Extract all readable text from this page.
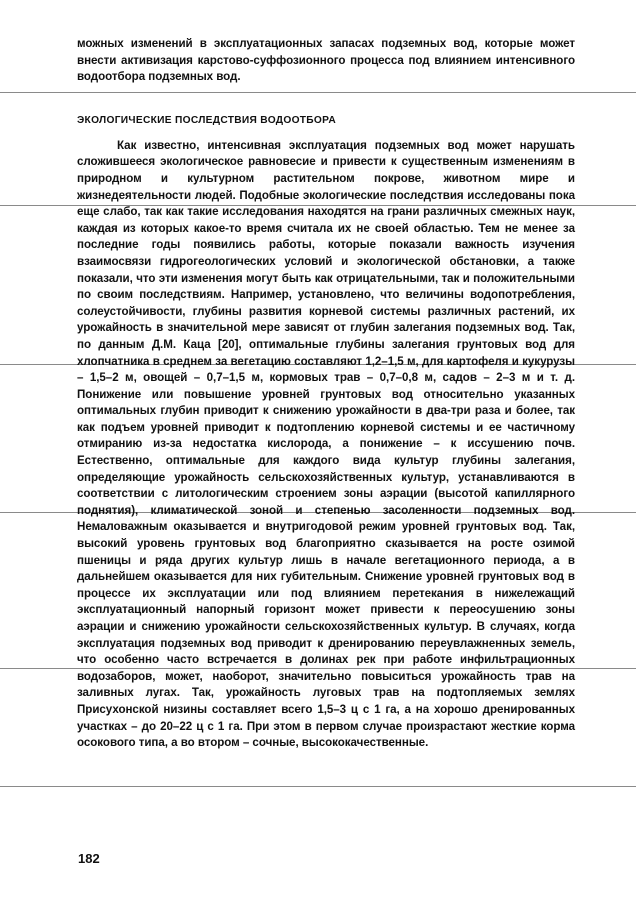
можных изменений в эксплуатационных запасах подземных вод, которые может внести активизация карстово-суффозионного процесса под влиянием интенсивного водоотбора подземных вод.

ЭКОЛОГИЧЕСКИЕ ПОСЛЕДСТВИЯ ВОДООТБОРА

Как известно, интенсивная эксплуатация подземных вод может нарушать сложившееся экологическое равновесие и привести к существенным изменениям в природном и культурном растительном покрове, животном мире и жизнедеятельности людей. Подобные экологические последствия исследованы пока еще слабо, так как такие исследования находятся на грани различных смежных наук, каждая из которых какое-то время считала их не своей областью. Тем не менее за последние годы появились работы, которые показали важность изучения взаимосвязи гидрогеологических условий и экологической обстановки, а также показали, что эти изменения могут быть как отрицательными, так и положительными по своим последствиям. Например, установлено, что величины водопотребления, солеустойчивости, глубины развития корневой системы различных растений, их урожайность в значительной мере зависят от глубин залегания подземных вод. Так, по данным Д.М. Каца [20], оптимальные глубины залегания грунтовых вод для хлопчатника в среднем за вегетацию составляют 1,2–1,5 м, для картофеля и кукурузы – 1,5–2 м, овощей – 0,7–1,5 м, кормовых трав – 0,7–0,8 м, садов – 2–3 м и т. д. Понижение или повышение уровней грунтовых вод относительно указанных оптимальных глубин приводит к снижению урожайности в два-три раза и более, так как подъем уровней приводит к подтоплению корневой системы и ее частичному отмиранию из-за недостатка кислорода, а понижение – к иссушению почв. Естественно, оптимальные для каждого вида культур глубины залегания, определяющие урожайность сельскохозяйственных культур, устанавливаются в соответствии с литологическим строением зоны аэрации (высотой капиллярного поднятия), климатической зоной и степенью засоленности подземных вод. Немаловажным оказывается и внутригодовой режим уровней грунтовых вод. Так, высокий уровень грунтовых вод благоприятно сказывается на росте озимой пшеницы и ряда других культур лишь в начале вегетационного периода, а в дальнейшем оказывается для них губительным. Снижение уровней грунтовых вод в процессе их эксплуатации или под влиянием перетекания в нижележащий эксплуатационный напорный горизонт может привести к переосушению зоны аэрации и снижению урожайности сельскохозяйственных культур. В случаях, когда эксплуатация подземных вод приводит к дренированию переувлажненных земель, что особенно часто встречается в долинах рек при работе инфильтрационных водозаборов, может, наоборот, значительно повыситься урожайность трав на заливных лугах. Так, урожайность луговых трав на подтопляемых землях Присухонской низины составляет всего 1,5–3 ц с 1 га, а на хорошо дренированных участках – до 20–22 ц с 1 га. При этом в первом случае произрастают жесткие корма осокового типа, а во втором – сочные, высококачественные.

182
